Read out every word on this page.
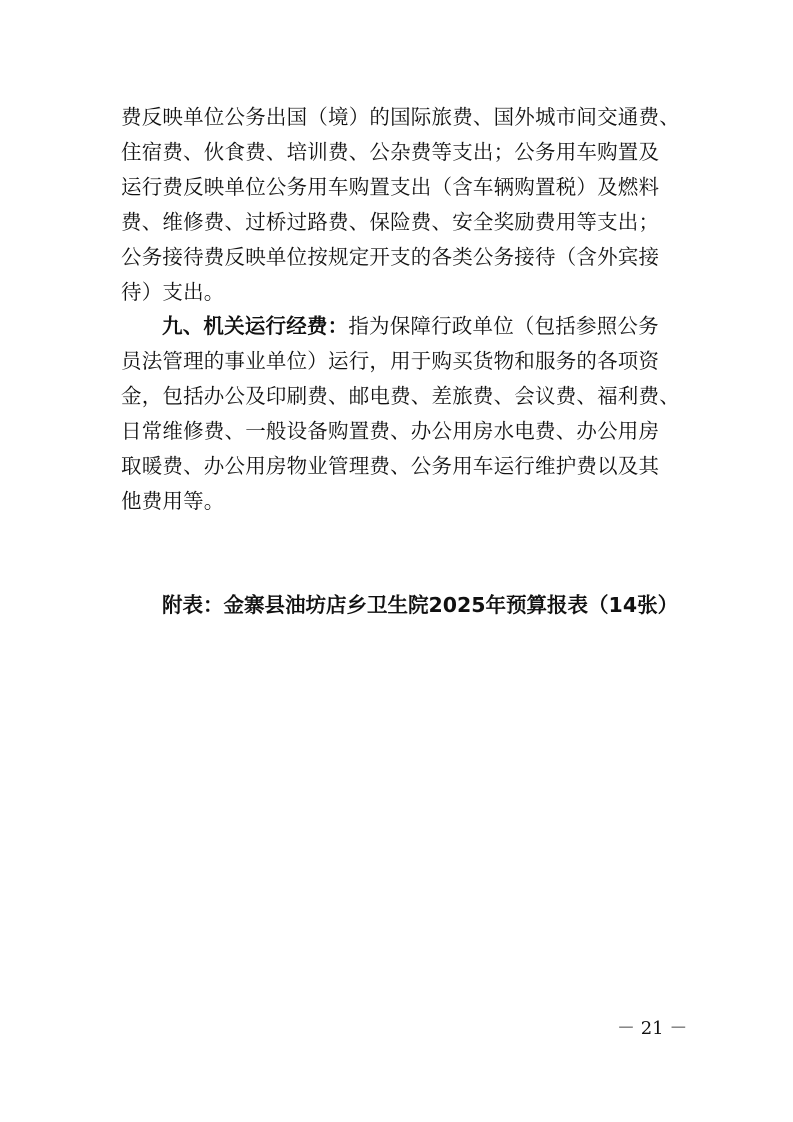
费反映单位公务出国（境）的国际旅费、国外城市间交通费、
住宿费、伙食费、培训费、公杂费等支出；公务用车购置及
运行费反映单位公务用车购置支出（含车辆购置税）及燃料
费、维修费、过桥过路费、保险费、安全奖励费用等支出；
公务接待费反映单位按规定开支的各类公务接待（含外宾接
待）支出。
九、机关运行经费：指为保障行政单位（包括参照公务
员法管理的事业单位）运行，用于购买货物和服务的各项资
金，包括办公及印刷费、邮电费、差旅费、会议费、福利费、
日常维修费、一般设备购置费、办公用房水电费、办公用房
取暖费、办公用房物业管理费、公务用车运行维护费以及其
他费用等。
附表：金寨县油坊店乡卫生院2025年预算报表（14张）
－ 21 －
